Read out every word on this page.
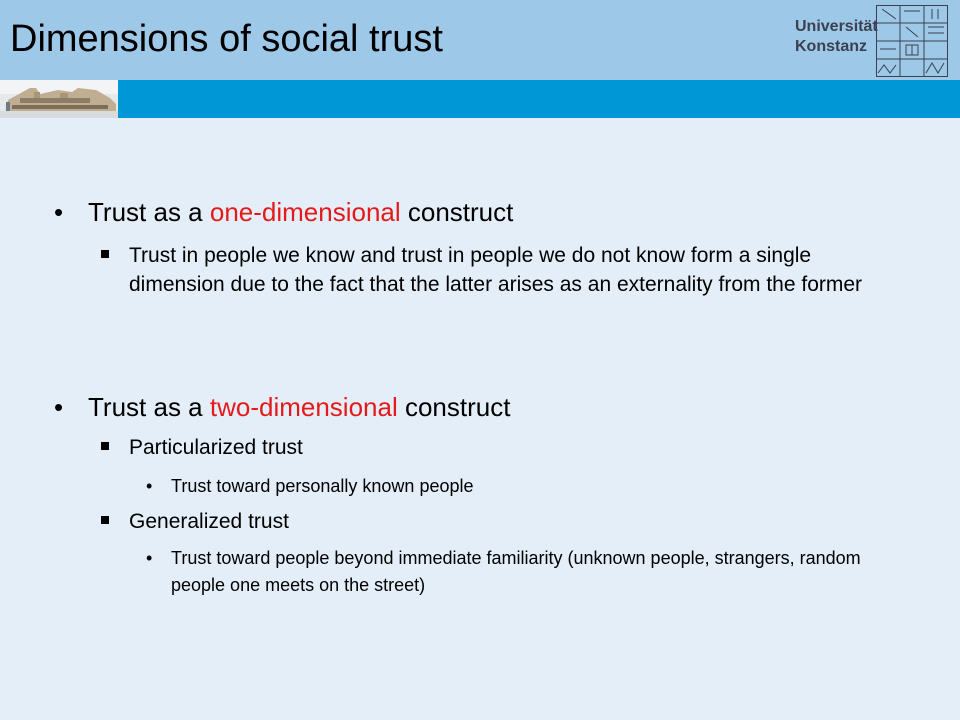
Dimensions of social trust	Universität
Konstanz
• Trust as a one-dimensional construct
Trust in people we know and trust in people we do not know form a single dimension due to the fact that the latter arises as an externality from the former
• Trust as a two-dimensional construct
Particularized trust
• Trust toward personally known people
Generalized trust
• Trust toward people beyond immediate familiarity (unknown people, strangers, random people one meets on the street)
